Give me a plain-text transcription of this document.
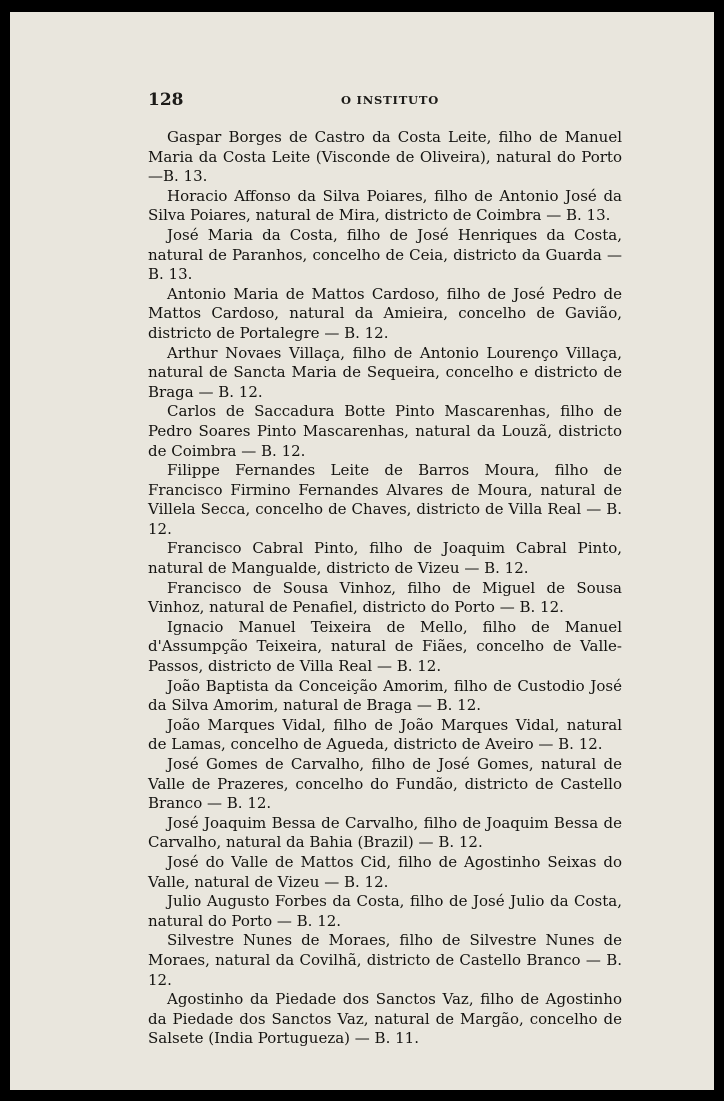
128	O INSTITUTO

Gaspar Borges de Castro da Costa Leite, filho de Manuel Maria da Costa Leite (Visconde de Oliveira), natural do Porto —B. 13.

Horacio Affonso da Silva Poiares, filho de Antonio José da Silva Poiares, natural de Mira, districto de Coimbra — B. 13.

José Maria da Costa, filho de José Henriques da Costa, natural de Paranhos, concelho de Ceia, districto da Guarda — B. 13.

Antonio Maria de Mattos Cardoso, filho de José Pedro de Mattos Cardoso, natural da Amieira, concelho de Gavião, districto de Portalegre — B. 12.

Arthur Novaes Villaça, filho de Antonio Lourenço Villaça, natural de Sancta Maria de Sequeira, concelho e districto de Braga — B. 12.

Carlos de Saccadura Botte Pinto Mascarenhas, filho de Pedro Soares Pinto Mascarenhas, natural da Louzã, districto de Coimbra — B. 12.

Filippe Fernandes Leite de Barros Moura, filho de Francisco Firmino Fernandes Alvares de Moura, natural de Villela Secca, concelho de Chaves, districto de Villa Real — B. 12.

Francisco Cabral Pinto, filho de Joaquim Cabral Pinto, natural de Mangualde, districto de Vizeu — B. 12.

Francisco de Sousa Vinhoz, filho de Miguel de Sousa Vinhoz, natural de Penafiel, districto do Porto — B. 12.

Ignacio Manuel Teixeira de Mello, filho de Manuel d'Assumpção Teixeira, natural de Fiães, concelho de Valle-Passos, districto de Villa Real — B. 12.

João Baptista da Conceição Amorim, filho de Custodio José da Silva Amorim, natural de Braga — B. 12.

João Marques Vidal, filho de João Marques Vidal, natural de Lamas, concelho de Agueda, districto de Aveiro — B. 12.

José Gomes de Carvalho, filho de José Gomes, natural de Valle de Prazeres, concelho do Fundão, districto de Castello Branco — B. 12.

José Joaquim Bessa de Carvalho, filho de Joaquim Bessa de Carvalho, natural da Bahia (Brazil) — B. 12.

José do Valle de Mattos Cid, filho de Agostinho Seixas do Valle, natural de Vizeu — B. 12.

Julio Augusto Forbes da Costa, filho de José Julio da Costa, natural do Porto — B. 12.

Silvestre Nunes de Moraes, filho de Silvestre Nunes de Moraes, natural da Covilhã, districto de Castello Branco — B. 12.

Agostinho da Piedade dos Sanctos Vaz, filho de Agostinho da Piedade dos Sanctos Vaz, natural de Margão, concelho de Salsete (India Portugueza) — B. 11.
